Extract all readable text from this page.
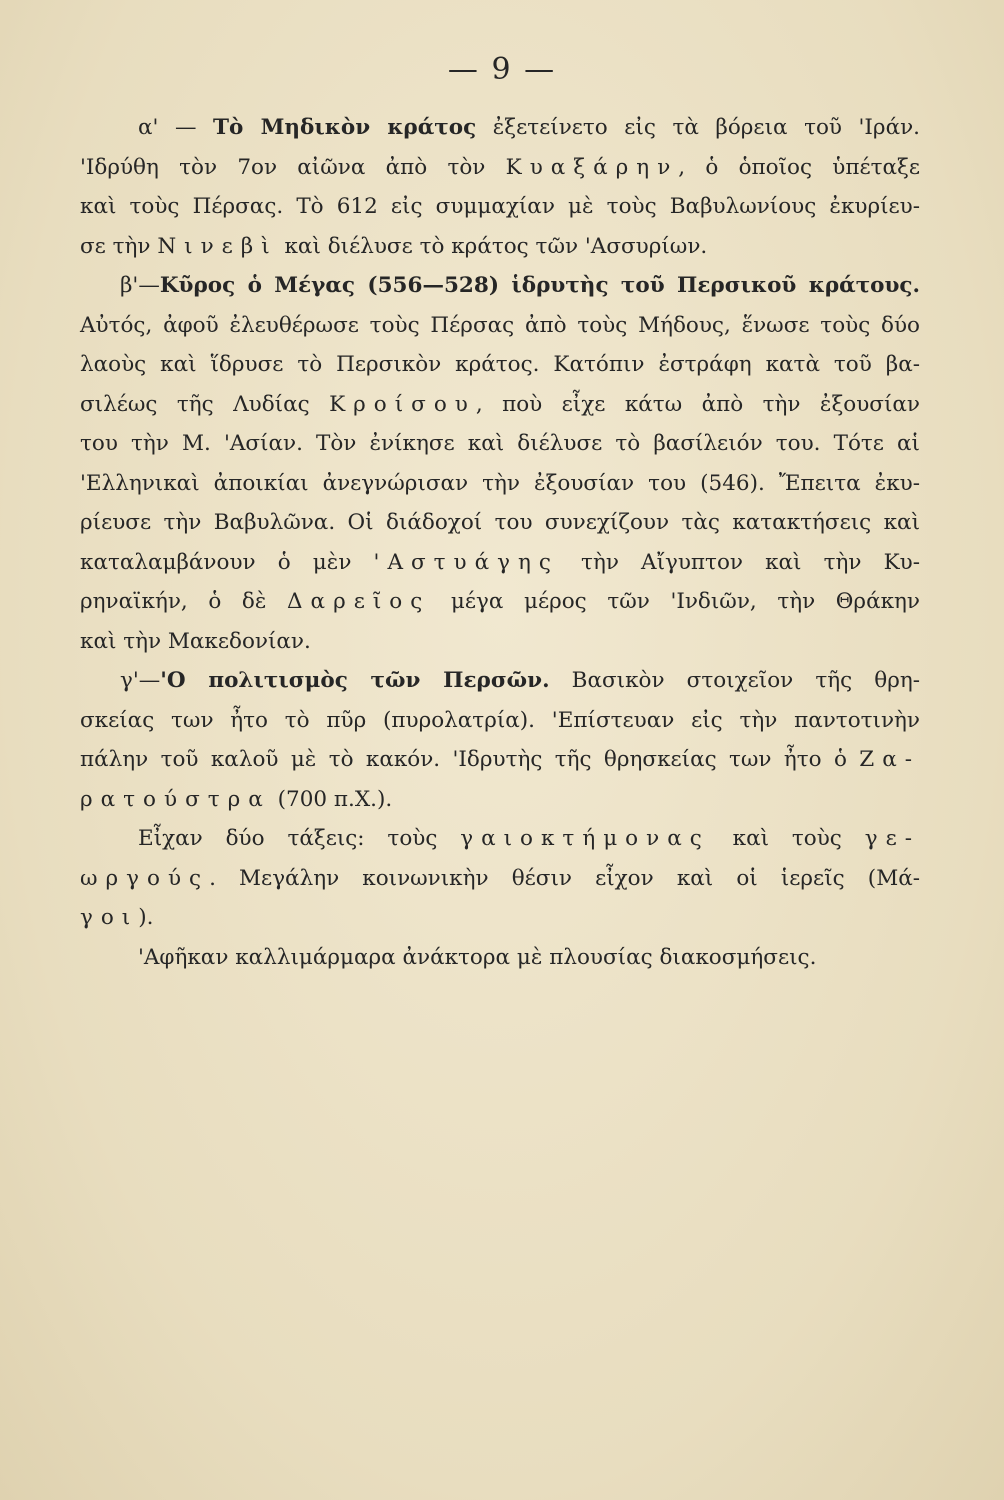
— 9 —
α' — Τὸ Μηδικὸν κράτος ἐξετείνετο εἰς τὰ βόρεια τοῦ 'Ιράν.
'Ιδρύθη τὸν 7ον αἰῶνα ἀπὸ τὸν Κυαξάρην, ὁ ὁποῖος ὑπέταξε
καὶ τοὺς Πέρσας. Τὸ 612 εἰς συμμαχίαν μὲ τοὺς Βαβυλωνίους ἐκυρίευ-
σε τὴν Νινεβὶ καὶ διέλυσε τὸ κράτος τῶν 'Ασσυρίων.
β'—Κῦρος ὁ Μέγας (556—528) ἱδρυτὴς τοῦ Περσικοῦ κράτους.
Αὐτός, ἀφοῦ ἐλευθέρωσε τοὺς Πέρσας ἀπὸ τοὺς Μήδους, ἕνωσε τοὺς δύο
λαοὺς καὶ ἵδρυσε τὸ Περσικὸν κράτος. Κατόπιν ἐστράφη κατὰ τοῦ βα-
σιλέως τῆς Λυδίας Κροίσου, ποὺ εἶχε κάτω ἀπὸ τὴν ἐξουσίαν
του τὴν Μ. 'Ασίαν. Τὸν ἐνίκησε καὶ διέλυσε τὸ βασίλειόν του. Τότε αἱ
'Ελληνικαὶ ἀποικίαι ἀνεγνώρισαν τὴν ἐξουσίαν του (546). Ἔπειτα ἐκυ-
ρίευσε τὴν Βαβυλῶνα. Οἱ διάδοχοί του συνεχίζουν τὰς κατακτήσεις καὶ
καταλαμβάνουν ὁ μὲν 'Αστυάγης τὴν Αἴγυπτον καὶ τὴν Κυ-
ρηναϊκήν, ὁ δὲ Δαρεῖος μέγα μέρος τῶν 'Ινδιῶν, τὴν Θράκην
καὶ τὴν Μακεδονίαν.
γ'—'Ο πολιτισμὸς τῶν Περσῶν. Βασικὸν στοιχεῖον τῆς θρη-
σκείας των ἦτο τὸ πῦρ (πυρολατρία). 'Επίστευαν εἰς τὴν παντοτινὴν
πάλην τοῦ καλοῦ μὲ τὸ κακόν. 'Ιδρυτὴς τῆς θρησκείας των ἦτο ὁ Ζα-
ρατούστρα (700 π.Χ.).
Εἶχαν δύο τάξεις: τοὺς γαιοκτήμονας καὶ τοὺς γε-
ωργούς. Μεγάλην κοινωνικὴν θέσιν εἶχον καὶ οἱ ἱερεῖς (Μά-
γοι).
'Αφῆκαν καλλιμάρμαρα ἀνάκτορα μὲ πλουσίας διακοσμήσεις.
